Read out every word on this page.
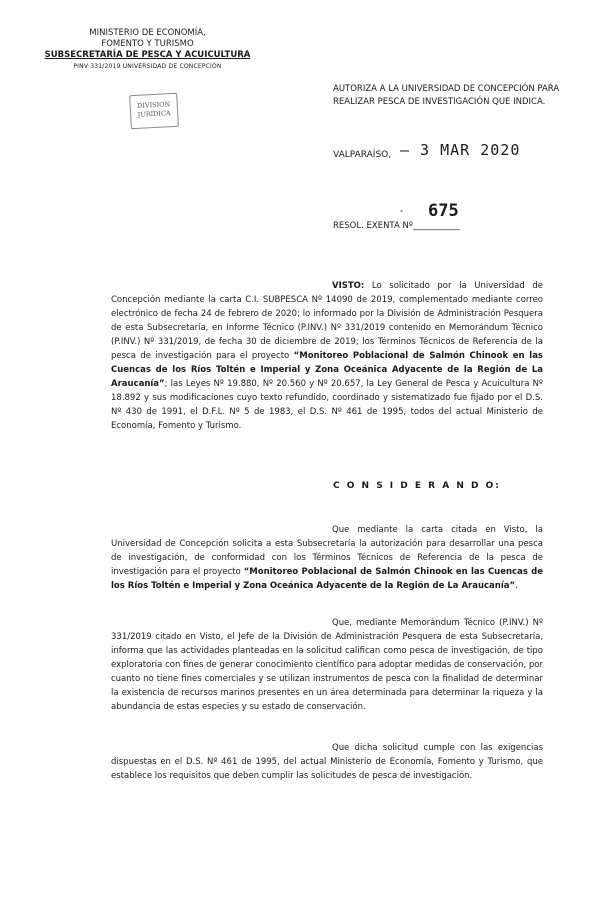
MINISTERIO DE ECONOMÍA,
FOMENTO Y TURISMO
SUBSECRETARÍA DE PESCA Y ACUICULTURA
PINV 331/2019 UNIVERSIDAD DE CONCEPCIÓN
DIVISION
JURIDICA
AUTORIZA A LA UNIVERSIDAD DE CONCEPCIÓN PARA REALIZAR PESCA DE INVESTIGACIÓN QUE INDICA.
VALPARAÍSO, – 3 MAR 2020
* 675
RESOL. EXENTA Nº___________
VISTO: Lo solicitado por la Universidad de Concepción mediante la carta C.I. SUBPESCA Nº 14090 de 2019, complementado mediante correo electrónico de fecha 24 de febrero de 2020; lo informado por la División de Administración Pesquera de esta Subsecretaría, en Informe Técnico (P.INV.) Nº 331/2019 contenido en Memorándum Técnico (P.INV.) Nº 331/2019, de fecha 30 de diciembre de 2019; los Términos Técnicos de Referencia de la pesca de investigación para el proyecto “Monitoreo Poblacional de Salmón Chinook en las Cuencas de los Ríos Toltén e Imperial y Zona Oceánica Adyacente de la Región de La Araucanía”; las Leyes Nº 19.880, Nº 20.560 y Nº 20.657, la Ley General de Pesca y Acuicultura Nº 18.892 y sus modificaciones cuyo texto refundido, coordinado y sistematizado fue fijado por el D.S. Nº 430 de 1991, el D.F.L. Nº 5 de 1983, el D.S. Nº 461 de 1995, todos del actual Ministerio de Economía, Fomento y Turismo.
C O N S I D E R A N D O:
Que mediante la carta citada en Visto, la Universidad de Concepción solicita a esta Subsecretaría la autorización para desarrollar una pesca de investigación, de conformidad con los Términos Técnicos de Referencia de la pesca de investigación para el proyecto “Monitoreo Poblacional de Salmón Chinook en las Cuencas de los Ríos Toltén e Imperial y Zona Oceánica Adyacente de la Región de La Araucanía”.
Que, mediante Memorándum Técnico (P.INV.) Nº 331/2019 citado en Visto, el Jefe de la División de Administración Pesquera de esta Subsecretaría, informa que las actividades planteadas en la solicitud califican como pesca de investigación, de tipo exploratoria con fines de generar conocimiento científico para adoptar medidas de conservación, por cuanto no tiene fines comerciales y se utilizan instrumentos de pesca con la finalidad de determinar la existencia de recursos marinos presentes en un área determinada para determinar la riqueza y la abundancia de estas especies y su estado de conservación.
Que dicha solicitud cumple con las exigencias dispuestas en el D.S. Nº 461 de 1995, del actual Ministerio de Economía, Fomento y Turismo, que establece los requisitos que deben cumplir las solicitudes de pesca de investigación.
